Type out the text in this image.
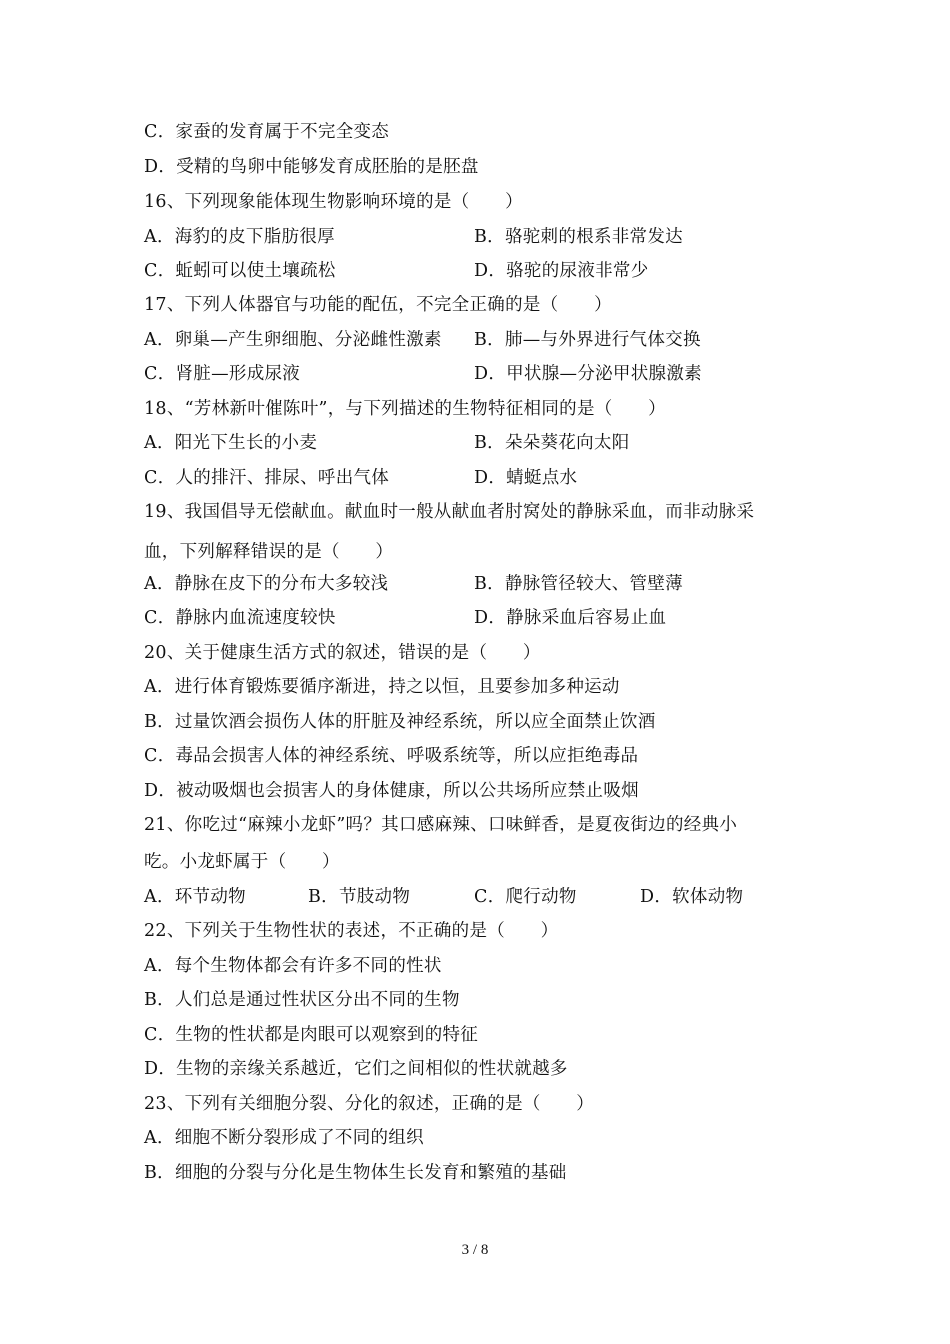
C．家蚕的发育属于不完全变态
D．受精的鸟卵中能够发育成胚胎的是胚盘
16、下列现象能体现生物影响环境的是（　　）
A．海豹的皮下脂肪很厚	B．骆驼刺的根系非常发达
C．蚯蚓可以使土壤疏松	D．骆驼的尿液非常少
17、下列人体器官与功能的配伍，不完全正确的是（　　）
A．卵巢—产生卵细胞、分泌雌性激素 B．肺—与外界进行气体交换
C．肾脏—形成尿液	D．甲状腺—分泌甲状腺激素
18、“芳林新叶催陈叶”，与下列描述的生物特征相同的是（　　）
A．阳光下生长的小麦	B．朵朵葵花向太阳
C．人的排汗、排尿、呼出气体	D．蜻蜓点水
19、我国倡导无偿献血。献血时一般从献血者肘窝处的静脉采血，而非动脉采
血，下列解释错误的是（　　）
A．静脉在皮下的分布大多较浅	B．静脉管径较大、管壁薄
C．静脉内血流速度较快	D．静脉采血后容易止血
20、关于健康生活方式的叙述，错误的是（　　）
A．进行体育锻炼要循序渐进，持之以恒，且要参加多种运动
B．过量饮酒会损伤人体的肝脏及神经系统，所以应全面禁止饮酒
C．毒品会损害人体的神经系统、呼吸系统等，所以应拒绝毒品
D．被动吸烟也会损害人的身体健康，所以公共场所应禁止吸烟
21、你吃过“麻辣小龙虾”吗？其口感麻辣、口味鲜香，是夏夜街边的经典小
吃。小龙虾属于（　　）
A．环节动物	B．节肢动物	C．爬行动物	D．软体动物
22、下列关于生物性状的表述，不正确的是（　　）
A．每个生物体都会有许多不同的性状
B．人们总是通过性状区分出不同的生物
C．生物的性状都是肉眼可以观察到的特征
D．生物的亲缘关系越近，它们之间相似的性状就越多
23、下列有关细胞分裂、分化的叙述，正确的是（　　）
A．细胞不断分裂形成了不同的组织
B．细胞的分裂与分化是生物体生长发育和繁殖的基础
3 / 8
